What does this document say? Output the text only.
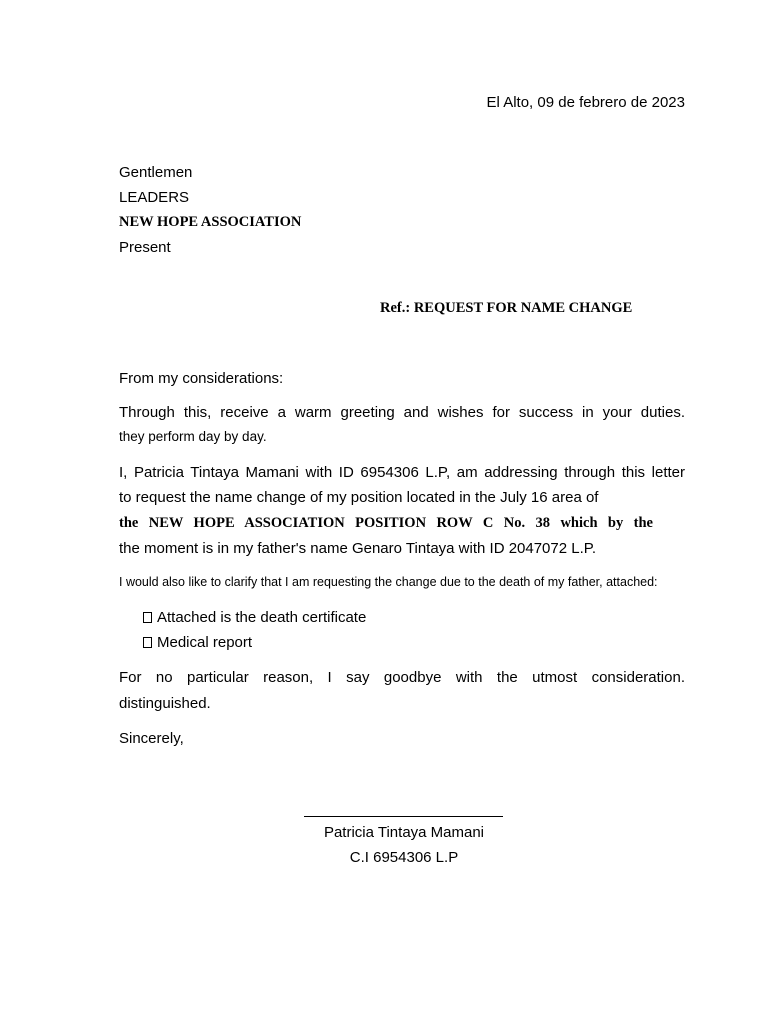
El Alto, 09 de febrero de 2023
Gentlemen
LEADERS
NEW HOPE ASSOCIATION
Present
Ref.: REQUEST FOR NAME CHANGE
From my considerations:
Through this, receive a warm greeting and wishes for success in your duties.
they perform day by day.
I, Patricia Tintaya Mamani with ID 6954306 L.P, am addressing through this letter
to request the name change of my position located in the July 16 area of
the NEW HOPE ASSOCIATION POSITION ROW C No. 38 which by the
the moment is in my father's name Genaro Tintaya with ID 2047072 L.P.
I would also like to clarify that I am requesting the change due to the death of my father, attached:
Attached is the death certificate
Medical report
For no particular reason, I say goodbye with the utmost consideration.
distinguished.
Sincerely,
Patricia Tintaya Mamani
C.I 6954306 L.P
